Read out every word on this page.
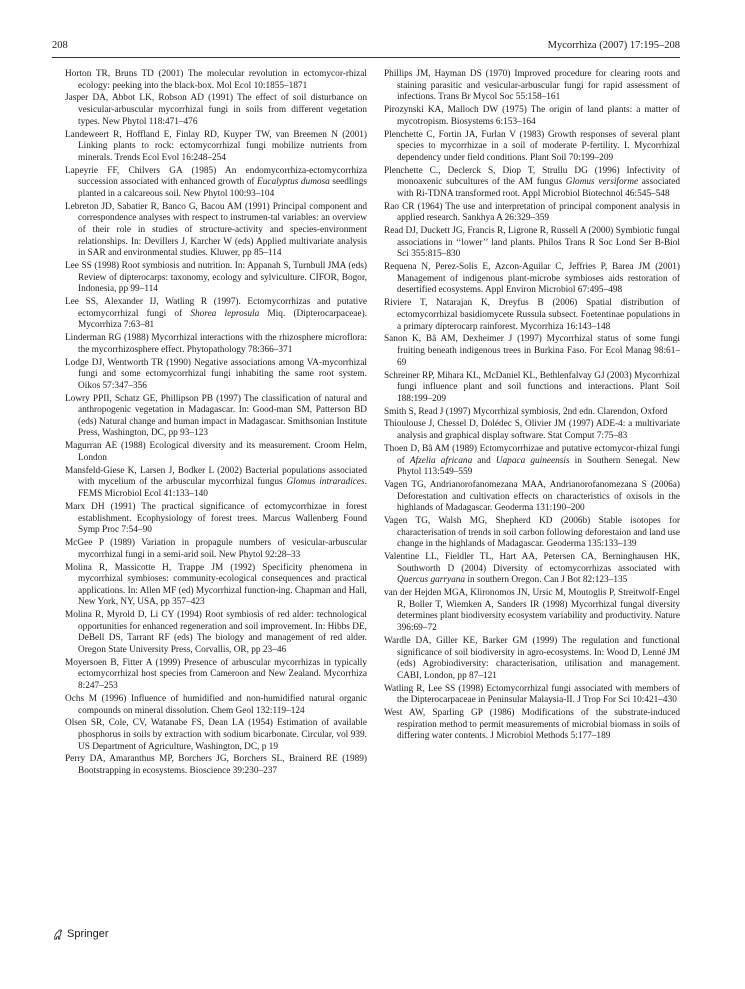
208	Mycorrhiza (2007) 17:195–208

Horton TR, Bruns TD (2001) The molecular revolution in ectomycor-rhizal ecology: peeking into the black-box. Mol Ecol 10:1855–1871

Jasper DA, Abbot LK, Robson AD (1991) The effect of soil disturbance on vesicular-arbuscular mycorrhizal fungi in soils from different vegetation types. New Phytol 118:471–476

Landeweert R, Hoffland E, Finlay RD, Kuyper TW, van Breemen N (2001) Linking plants to rock: ectomycorrhizal fungi mobilize nutrients from minerals. Trends Ecol Evol 16:248–254

Lapeyrie FF, Chilvers GA (1985) An endomycorrhiza-ectomycorrhiza succession associated with enhanced growth of Eucalyptus dumosa seedlings planted in a calcareous soil. New Phytol 100:93–104

Lebreton JD, Sabatier R, Banco G, Bacou AM (1991) Principal component and correspondence analyses with respect to instrumen-tal variables: an overview of their role in studies of structure-activity and species-environment relationships. In: Devillers J, Karcher W (eds) Applied multivariate analysis in SAR and environmental studies. Kluwer, pp 85–114

Lee SS (1998) Root symbiosis and nutrition. In: Appanah S, Turnbull JMA (eds) Review of dipterocarps: taxonomy, ecology and sylviculture. CIFOR, Bogor, Indonesia, pp 99–114

Lee SS, Alexander IJ, Watling R (1997). Ectomycorrhizas and putative ectomycorrhizal fungi of Shorea leprosula Miq. (Dipterocarpaceae). Mycorrhiza 7:63–81

Linderman RG (1988) Mycorrhizal interactions with the rhizosphere microflora: the mycorrhizosphere effect. Phytopathology 78:366–371

Lodge DJ, Wentworth TR (1990) Negative associations among VA-mycorrhizal fungi and some ectomycorrhizal fungi inhabiting the same root system. Oikos 57:347–356

Lowry PPII, Schatz GE, Phillipson PB (1997) The classification of natural and anthropogenic vegetation in Madagascar. In: Good-man SM, Patterson BD (eds) Natural change and human impact in Madagascar. Smithsonian Institute Press, Washington, DC, pp 93–123

Magurran AE (1988) Ecological diversity and its measurement. Croom Helm, London

Mansfeld-Giese K, Larsen J, Bodker L (2002) Bacterial populations associated with mycelium of the arbuscular mycorrhizal fungus Glomus intraradices. FEMS Microbiol Ecol 41:133–140

Marx DH (1991) The practical significance of ectomycorrhizae in forest establishment. Ecophysiology of forest trees. Marcus Wallenberg Found Symp Proc 7:54–90

McGee P (1989) Variation in propagule numbers of vesicular-arbuscular mycorrhizal fungi in a semi-arid soil. New Phytol 92:28–33

Molina R, Massicotte H, Trappe JM (1992) Specificity phenomena in mycorrhizal symbioses: community-ecological consequences and practical applications. In: Allen MF (ed) Mycorrhizal function-ing. Chapman and Hall, New York, NY, USA, pp 357–423

Molina R, Myrold D, Li CY (1994) Root symbiosis of red alder: technological opportunities for enhanced regeneration and soil improvement. In: Hibbs DE, DeBell DS, Tarrant RF (eds) The biology and management of red alder. Oregon State University Press, Corvallis, OR, pp 23–46

Moyersoen B, Fitter A (1999) Presence of arbuscular mycorrhizas in typically ectomycorrhizal host species from Cameroon and New Zealand. Mycorrhiza 8:247–253

Ochs M (1996) Influence of humidified and non-humidified natural organic compounds on mineral dissolution. Chem Geol 132:119–124

Olsen SR, Cole, CV, Watanabe FS, Dean LA (1954) Estimation of available phosphorus in soils by extraction with sodium bicarbonate. Circular, vol 939. US Department of Agriculture, Washington, DC, p 19

Perry DA, Amaranthus MP, Borchers JG, Borchers SL, Brainerd RE (1989) Bootstrapping in ecosystems. Bioscience 39:230–237

Phillips JM, Hayman DS (1970) Improved procedure for clearing roots and staining parasitic and vesicular-arbuscular fungi for rapid assessment of infections. Trans Br Mycol Soc 55:158–161

Pirozynski KA, Malloch DW (1975) The origin of land plants: a matter of mycotropism. Biosystems 6:153–164

Plenchette C, Fortin JA, Furlan V (1983) Growth responses of several plant species to mycorrhizae in a soil of moderate P-fertility. I. Mycorrhizal dependency under field conditions. Plant Soil 70:199–209

Plenchette C., Declerck S, Diop T, Strullu DG (1996) Infectivity of monoaxenic subcultures of the AM fungus Glomus versiforme associated with Ri-TDNA transformed root. Appl Microbiol Biotechnol 46:545–548

Rao CR (1964) The use and interpretation of principal component analysis in applied research. Sankhya A 26:329–359

Read DJ, Duckett JG, Francis R, Ligrone R, Russell A (2000) Symbiotic fungal associations in ‘‘lower’’ land plants. Philos Trans R Soc Lond Ser B-Biol Sci 355:815–830

Requena N, Perez-Solis E, Azcon-Aguilar C, Jeffries P, Barea JM (2001) Management of indigenous plant-microbe symbioses aids restoration of desertified ecosystems. Appl Environ Microbiol 67:495–498

Riviere T, Natarajan K, Dreyfus B (2006) Spatial distribution of ectomycorrhizal basidiomycete Russula subsect. Foetentinae populations in a primary dipterocarp rainforest. Mycorrhiza 16:143–148

Sanon K, Bâ AM, Dexheimer J (1997) Mycorrhizal status of some fungi fruiting beneath indigenous trees in Burkina Faso. For Ecol Manag 98:61–69

Schreiner RP, Mihara KL, McDaniel KL, Bethlenfalvay GJ (2003) Mycorrhizal fungi influence plant and soil functions and interactions. Plant Soil 188:199–209

Smith S, Read J (1997) Mycorrhizal symbiosis, 2nd edn. Clarendon, Oxford

Thioulouse J, Chessel D, Dolédec S, Olivier JM (1997) ADE-4: a multivariate analysis and graphical display software. Stat Comput 7:75–83

Thoen D, Bâ AM (1989) Ectomycorrhizae and putative ectomycor-rhizal fungi of Afzelia africana and Uapaca guineensis in Southern Senegal. New Phytol 113:549–559

Vagen TG, Andrianorofanomezana MAA, Andrianorofanomezana S (2006a) Deforestation and cultivation effects on characteristics of oxisols in the highlands of Madagascar. Geoderma 131:190–200

Vagen TG, Walsh MG, Shepherd KD (2006b) Stable isotopes for characterisation of trends in soil carbon following deforestaion and land use change in the highlands of Madagascar. Geoderma 135:133–139

Valentine LL, Fieldler TL, Hart AA, Petersen CA, Berninghausen HK, Southworth D (2004) Diversity of ectomycorrhizas associated with Quercus garryana in southern Oregon. Can J Bot 82:123–135

van der Hejden MGA, Klironomos JN, Ursic M, Moutoglis P, Streitwolf-Engel R, Boller T, Wiemken A, Sanders IR (1998) Mycorrhizal fungal diversity determines plant biodiversity ecosystem variability and productivity. Nature 396:69–72

Wardle DA, Giller KE, Barker GM (1999) The regulation and functional significance of soil biodiversity in agro-ecosystems. In: Wood D, Lenné JM (eds) Agrobiodiversity: characterisation, utilisation and management. CABI, London, pp 87–121

Watling R, Lee SS (1998) Ectomycorrhizal fungi associated with members of the Dipterocarpaceae in Peninsular Malaysia-II. J Trop For Sci 10:421–430

West AW, Sparling GP (1986) Modifications of the substrate-induced respiration method to permit measurements of microbial biomass in soils of differing water contents. J Microbiol Methods 5:177–189

Springer
